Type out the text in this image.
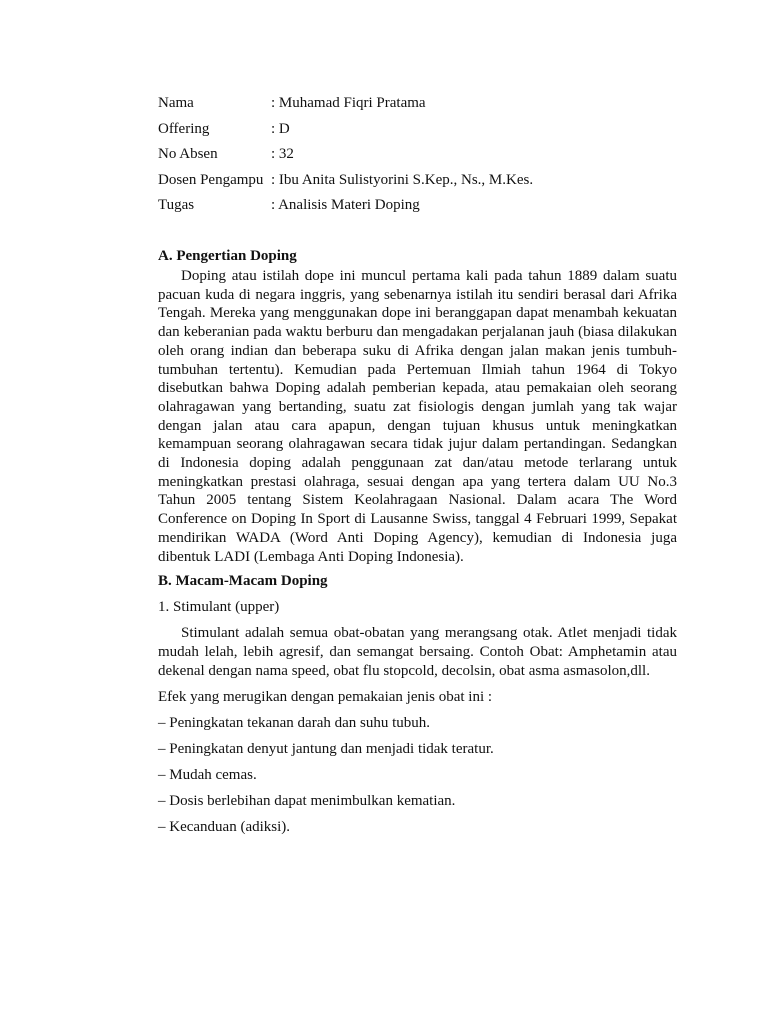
Nama	: Muhamad Fiqri Pratama
Offering	: D
No Absen	: 32
Dosen Pengampu : Ibu Anita Sulistyorini S.Kep., Ns., M.Kes.
Tugas	: Analisis Materi Doping

A. Pengertian Doping

Doping atau istilah dope ini muncul pertama kali pada tahun 1889 dalam suatu pacuan kuda di negara inggris, yang sebenarnya istilah itu sendiri berasal dari Afrika Tengah. Mereka yang menggunakan dope ini beranggapan dapat menambah kekuatan dan keberanian pada waktu berburu dan mengadakan perjalanan jauh (biasa dilakukan oleh orang indian dan beberapa suku di Afrika dengan jalan makan jenis tumbuh-tumbuhan tertentu). Kemudian pada Pertemuan Ilmiah tahun 1964 di Tokyo disebutkan bahwa Doping adalah pemberian kepada, atau pemakaian oleh seorang olahragawan yang bertanding, suatu zat fisiologis dengan jumlah yang tak wajar dengan jalan atau cara apapun, dengan tujuan khusus untuk meningkatkan kemampuan seorang olahragawan secara tidak jujur dalam pertandingan. Sedangkan di Indonesia doping adalah penggunaan zat dan/atau metode terlarang untuk meningkatkan prestasi olahraga, sesuai dengan apa yang tertera dalam UU No.3 Tahun 2005 tentang Sistem Keolahragaan Nasional. Dalam acara The Word Conference on Doping In Sport di Lausanne Swiss, tanggal 4 Februari 1999, Sepakat mendirikan WADA (Word Anti Doping Agency), kemudian di Indonesia juga dibentuk LADI (Lembaga Anti Doping Indonesia).

B. Macam-Macam Doping

1. Stimulant (upper)

Stimulant adalah semua obat-obatan yang merangsang otak. Atlet menjadi tidak mudah lelah, lebih agresif, dan semangat bersaing. Contoh Obat: Amphetamin atau dekenal dengan nama speed, obat flu stopcold, decolsin, obat asma asmasolon,dll.

Efek yang merugikan dengan pemakaian jenis obat ini :

– Peningkatan tekanan darah dan suhu tubuh.

– Peningkatan denyut jantung dan menjadi tidak teratur.

– Mudah cemas.

– Dosis berlebihan dapat menimbulkan kematian.

– Kecanduan (adiksi).
